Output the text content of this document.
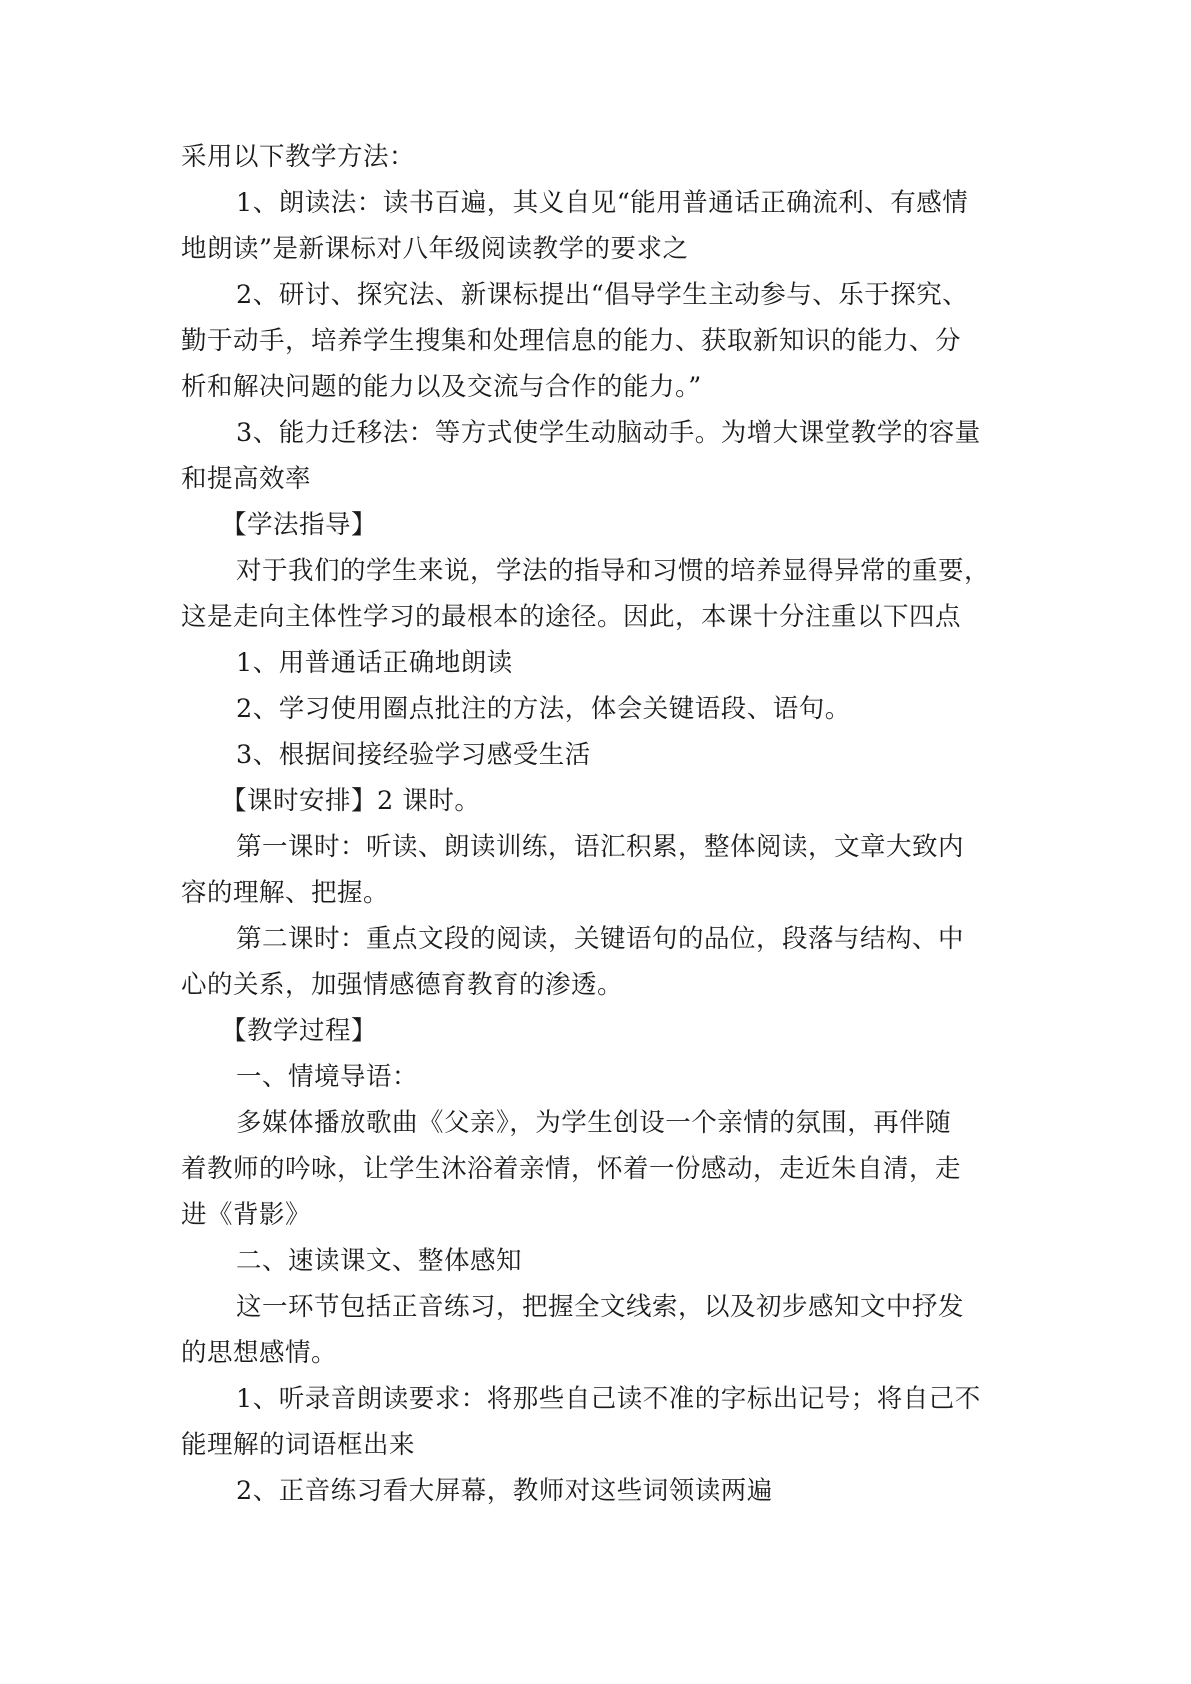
采用以下教学方法：
1、朗读法：读书百遍，其义自见“能用普通话正确流利、有感情
地朗读”是新课标对八年级阅读教学的要求之
2、研讨、探究法、新课标提出“倡导学生主动参与、乐于探究、
勤于动手，培养学生搜集和处理信息的能力、获取新知识的能力、分
析和解决问题的能力以及交流与合作的能力。”
3、能力迁移法：等方式使学生动脑动手。为增大课堂教学的容量
和提高效率
【学法指导】
对于我们的学生来说，学法的指导和习惯的培养显得异常的重要，
这是走向主体性学习的最根本的途径。因此，本课十分注重以下四点
1、用普通话正确地朗读
2、学习使用圈点批注的方法，体会关键语段、语句。
3、根据间接经验学习感受生活
【课时安排】2 课时。
第一课时：听读、朗读训练，语汇积累，整体阅读，文章大致内
容的理解、把握。
第二课时：重点文段的阅读，关键语句的品位，段落与结构、中
心的关系，加强情感德育教育的渗透。
【教学过程】
一、情境导语：
多媒体播放歌曲《父亲》，为学生创设一个亲情的氛围，再伴随
着教师的吟咏，让学生沐浴着亲情，怀着一份感动，走近朱自清，走
进《背影》
二、速读课文、整体感知
这一环节包括正音练习，把握全文线索，以及初步感知文中抒发
的思想感情。
1、听录音朗读要求：将那些自己读不准的字标出记号；将自己不
能理解的词语框出来
2、正音练习看大屏幕，教师对这些词领读两遍
